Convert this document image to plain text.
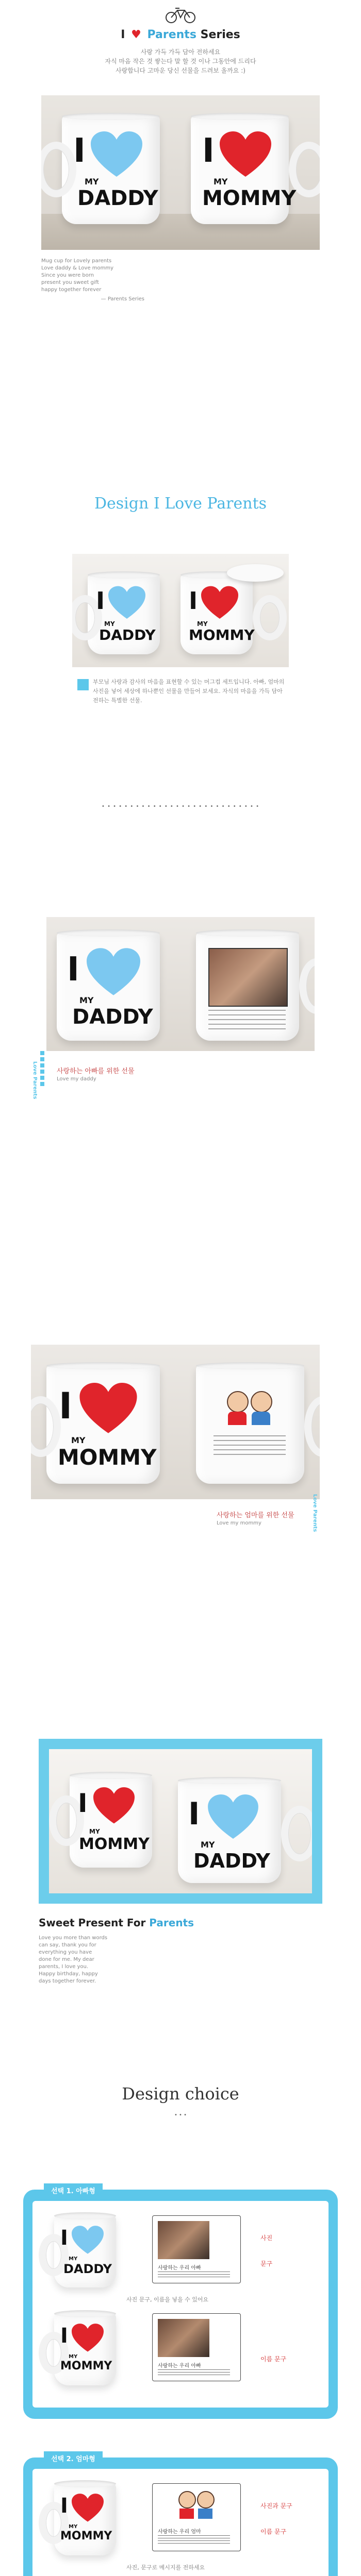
I ♥ Parents Series
사랑 가득 가득 담아 전하세요
자식 마음 작은 것 쌓는다 말 할 것 이나 그동안에 드리다
사랑합니다 고마운 당신 선물을 드려보 올까요 :)
I
MY
DADDY
I
MY
MOMMY
Mug cup for Lovely parents
Love daddy & Love mommy
Since you were born
present you sweet gift
happy together forever
— Parents Series
Design I Love Parents
I
MY
DADDY
I
MY
MOMMY
부모님 사랑과 감사의 마음을 표현할 수 있는 머그컵 세트입니다. 아빠, 엄마의 사진을 넣어 세상에 하나뿐인 선물을 만들어 보세요. 자식의 마음을 가득 담아 전하는 특별한 선물.
• • • • • • • • • • • • • • • • • • • • • • • • • • • •
I
MY
DADDY
Love Parents	사랑하는 아빠를 위한 선물
Love my daddy
I
MY
MOMMY
사랑하는 엄마를 위한 선물
Love my mommy	Love Parents
I
MY
MOMMY
I
MY
DADDY
Sweet Present For Parents
Love you more than words
can say, thank you for
everything you have
done for me. My dear
parents, I love you.
Happy birthday, happy
days together forever.
Design choice
• • •
선택 1. 아빠형
I
MY
DADDY	사랑하는 우리 아빠
사진
문구
사진 문구, 이름을 넣을 수 있어요
I
MY
MOMMY	사랑하는 우리 아빠
이름 문구
선택 2. 엄마형
I
MY
MOMMY	사랑하는 우리 엄마
사진과 문구
이름 문구
사진, 문구로 메시지를 전하세요
